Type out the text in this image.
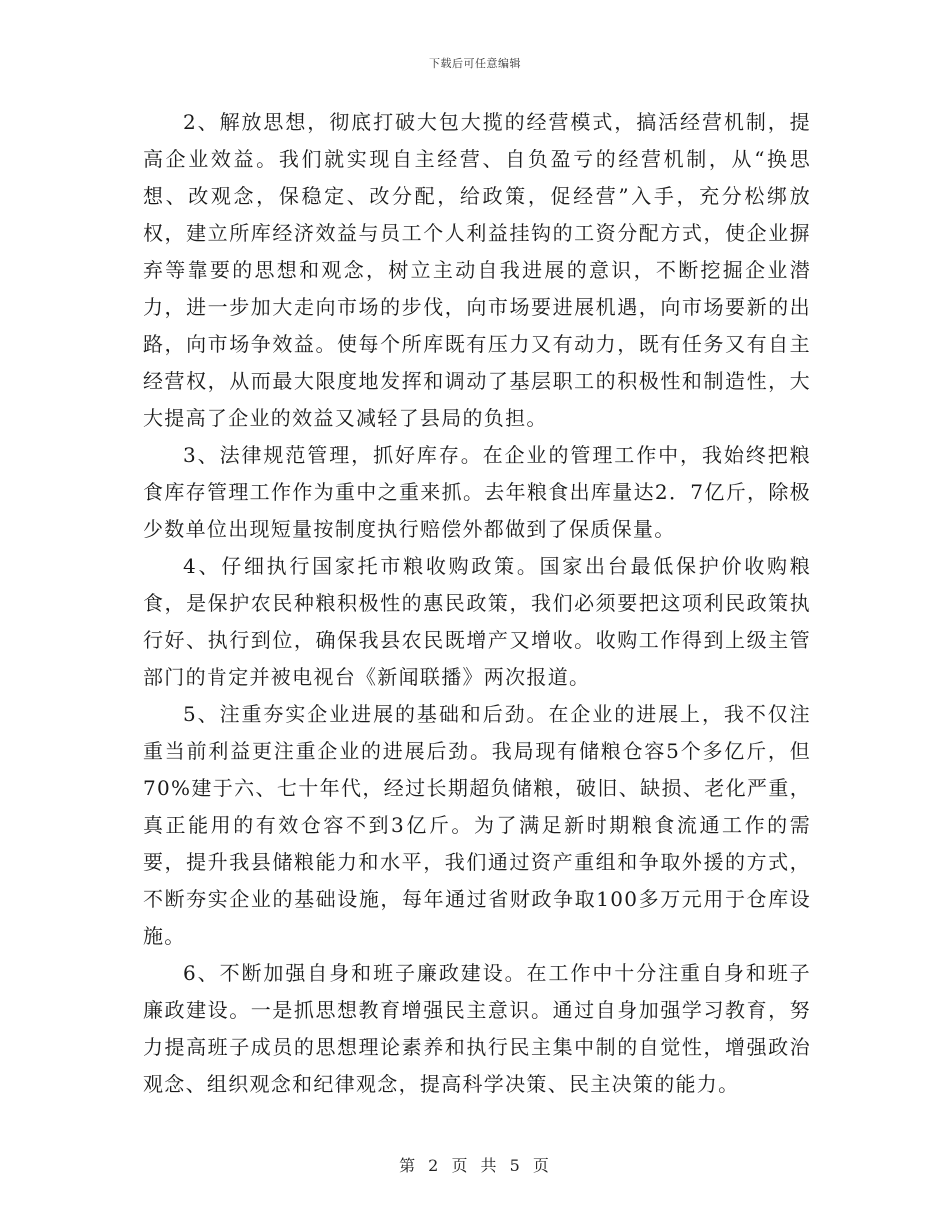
下载后可任意编辑

2、解放思想，彻底打破大包大揽的经营模式，搞活经营机制，提高企业效益。我们就实现自主经营、自负盈亏的经营机制，从“换思想、改观念，保稳定、改分配，给政策，促经营”入手，充分松绑放权，建立所库经济效益与员工个人利益挂钩的工资分配方式，使企业摒弃等靠要的思想和观念，树立主动自我进展的意识，不断挖掘企业潜力，进一步加大走向市场的步伐，向市场要进展机遇，向市场要新的出路，向市场争效益。使每个所库既有压力又有动力，既有任务又有自主经营权，从而最大限度地发挥和调动了基层职工的积极性和制造性，大大提高了企业的效益又减轻了县局的负担。

3、法律规范管理，抓好库存。在企业的管理工作中，我始终把粮食库存管理工作作为重中之重来抓。去年粮食出库量达2．7亿斤，除极少数单位出现短量按制度执行赔偿外都做到了保质保量。

4、仔细执行国家托市粮收购政策。国家出台最低保护价收购粮食，是保护农民种粮积极性的惠民政策，我们必须要把这项利民政策执行好、执行到位，确保我县农民既增产又增收。收购工作得到上级主管部门的肯定并被电视台《新闻联播》两次报道。

5、注重夯实企业进展的基础和后劲。在企业的进展上，我不仅注重当前利益更注重企业的进展后劲。我局现有储粮仓容5个多亿斤，但70%建于六、七十年代，经过长期超负储粮，破旧、缺损、老化严重，真正能用的有效仓容不到3亿斤。为了满足新时期粮食流通工作的需要，提升我县储粮能力和水平，我们通过资产重组和争取外援的方式，不断夯实企业的基础设施，每年通过省财政争取100多万元用于仓库设施。

6、不断加强自身和班子廉政建设。在工作中十分注重自身和班子廉政建设。一是抓思想教育增强民主意识。通过自身加强学习教育，努力提高班子成员的思想理论素养和执行民主集中制的自觉性，增强政治观念、组织观念和纪律观念，提高科学决策、民主决策的能力。

第 2 页 共 5 页
